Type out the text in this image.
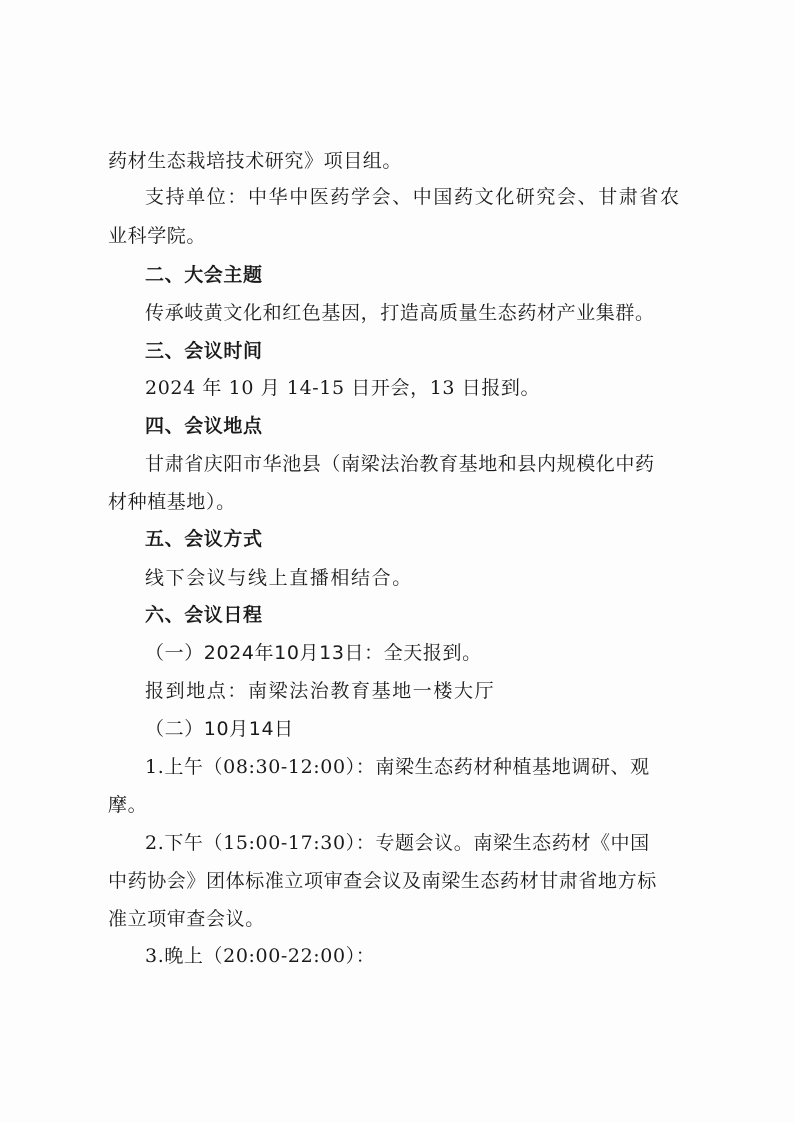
药材生态栽培技术研究》项目组。
支持单位：中华中医药学会、中国药文化研究会、甘肃省农
业科学院。
二、大会主题
传承岐黄文化和红色基因，打造高质量生态药材产业集群。
三、会议时间
2024 年 10 月 14-15 日开会，13 日报到。
四、会议地点
甘肃省庆阳市华池县（南梁法治教育基地和县内规模化中药
材种植基地）。
五、会议方式
线下会议与线上直播相结合。
六、会议日程
（一）2024年10月13日：全天报到。
报到地点：南梁法治教育基地一楼大厅
（二）10月14日
1.上午（08:30-12:00）：南梁生态药材种植基地调研、观
摩。
2.下午（15:00-17:30）：专题会议。南梁生态药材《中国
中药协会》团体标准立项审查会议及南梁生态药材甘肃省地方标
准立项审查会议。
3.晚上（20:00-22:00）：
